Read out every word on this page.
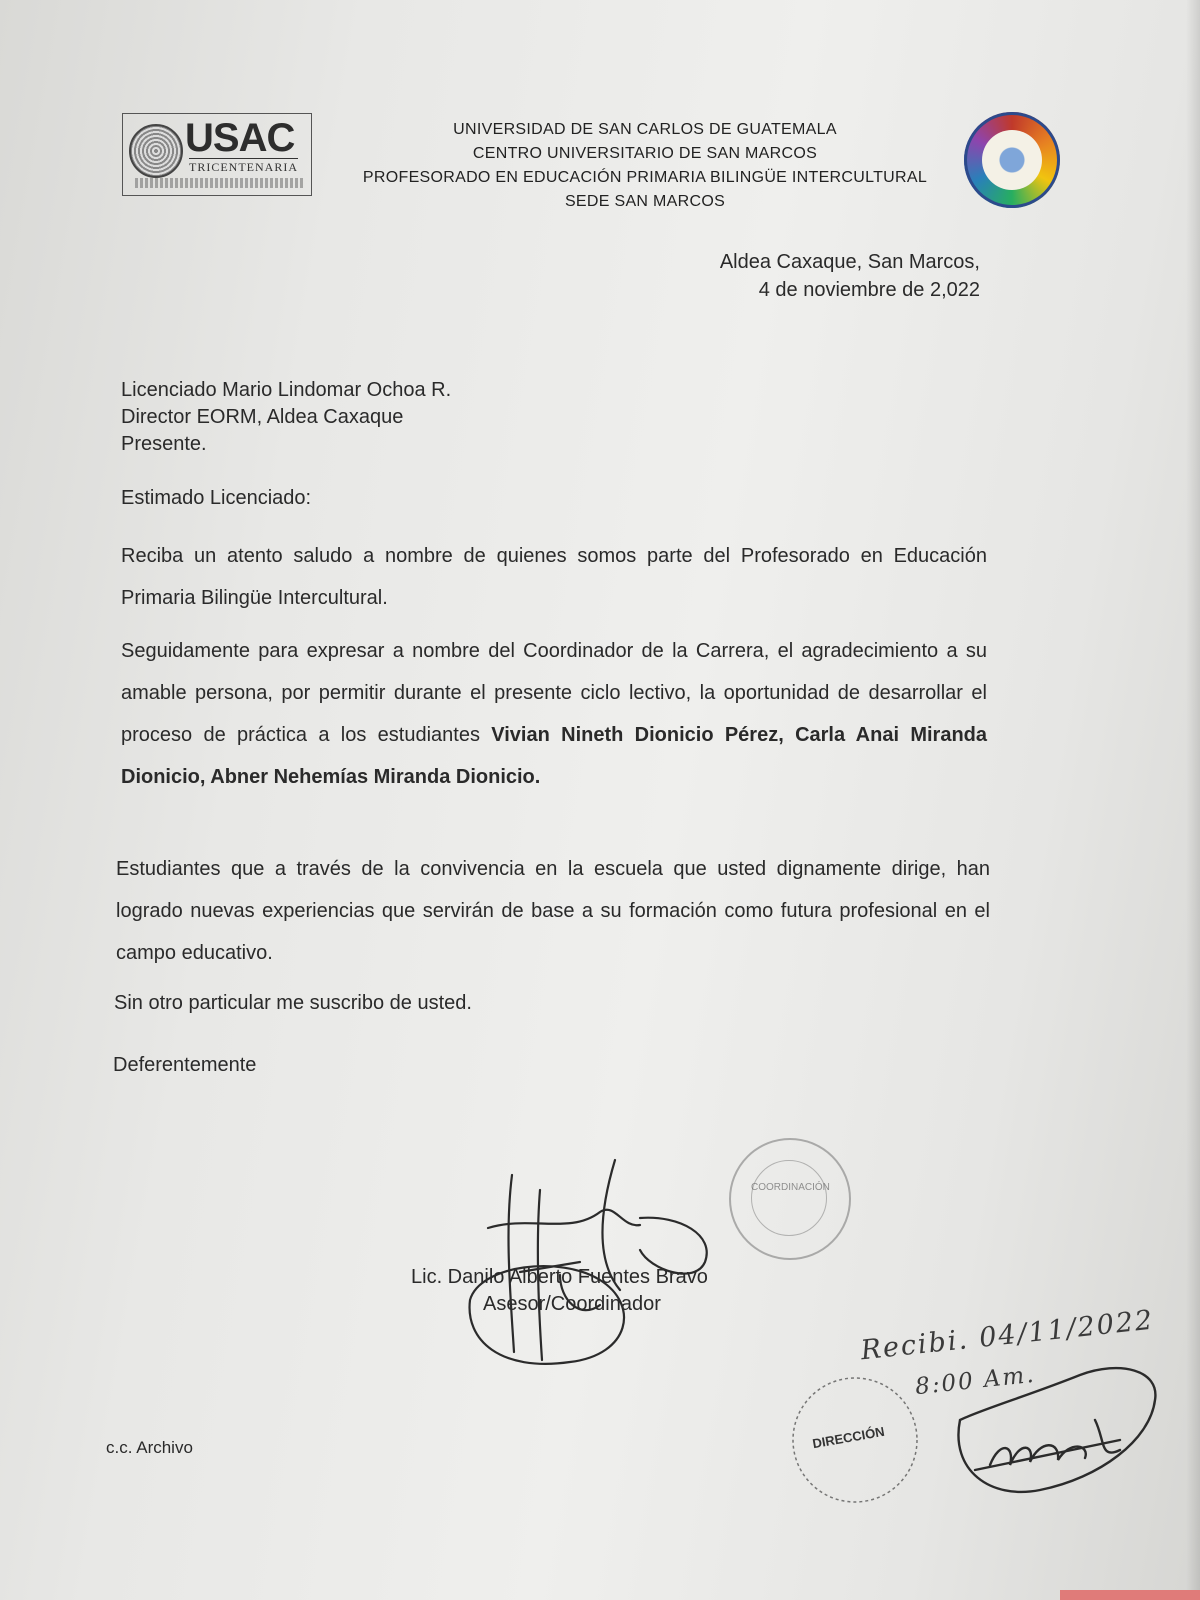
USAC
TRICENTENARIA
UNIVERSIDAD DE SAN CARLOS DE GUATEMALA
CENTRO UNIVERSITARIO DE SAN MARCOS
PROFESORADO EN EDUCACIÓN PRIMARIA BILINGÜE INTERCULTURAL
SEDE SAN MARCOS
Aldea Caxaque, San Marcos,
4 de noviembre de 2,022
Licenciado Mario Lindomar Ochoa R.
Director EORM, Aldea Caxaque
Presente.
Estimado Licenciado:
Reciba un atento saludo a nombre de quienes somos parte del Profesorado en Educación Primaria Bilingüe Intercultural.
Seguidamente para expresar a nombre del Coordinador de la Carrera, el agradecimiento a su amable persona, por permitir durante el presente ciclo lectivo, la oportunidad de desarrollar el proceso de práctica a los estudiantes Vivian Nineth Dionicio Pérez, Carla Anai Miranda Dionicio, Abner Nehemías Miranda Dionicio.
Estudiantes que a través de la convivencia en la escuela que usted dignamente dirige, han logrado nuevas experiencias que servirán de base a su formación como futura profesional en el campo educativo.
Sin otro particular me suscribo de usted.
Deferentemente
COORDINACIÓN
Lic. Danilo Alberto Fuentes Bravo
Asesor/Coordinador
DIRECCIÓN
Recibi. 04/11/2022
8:00 Am.
c.c. Archivo
